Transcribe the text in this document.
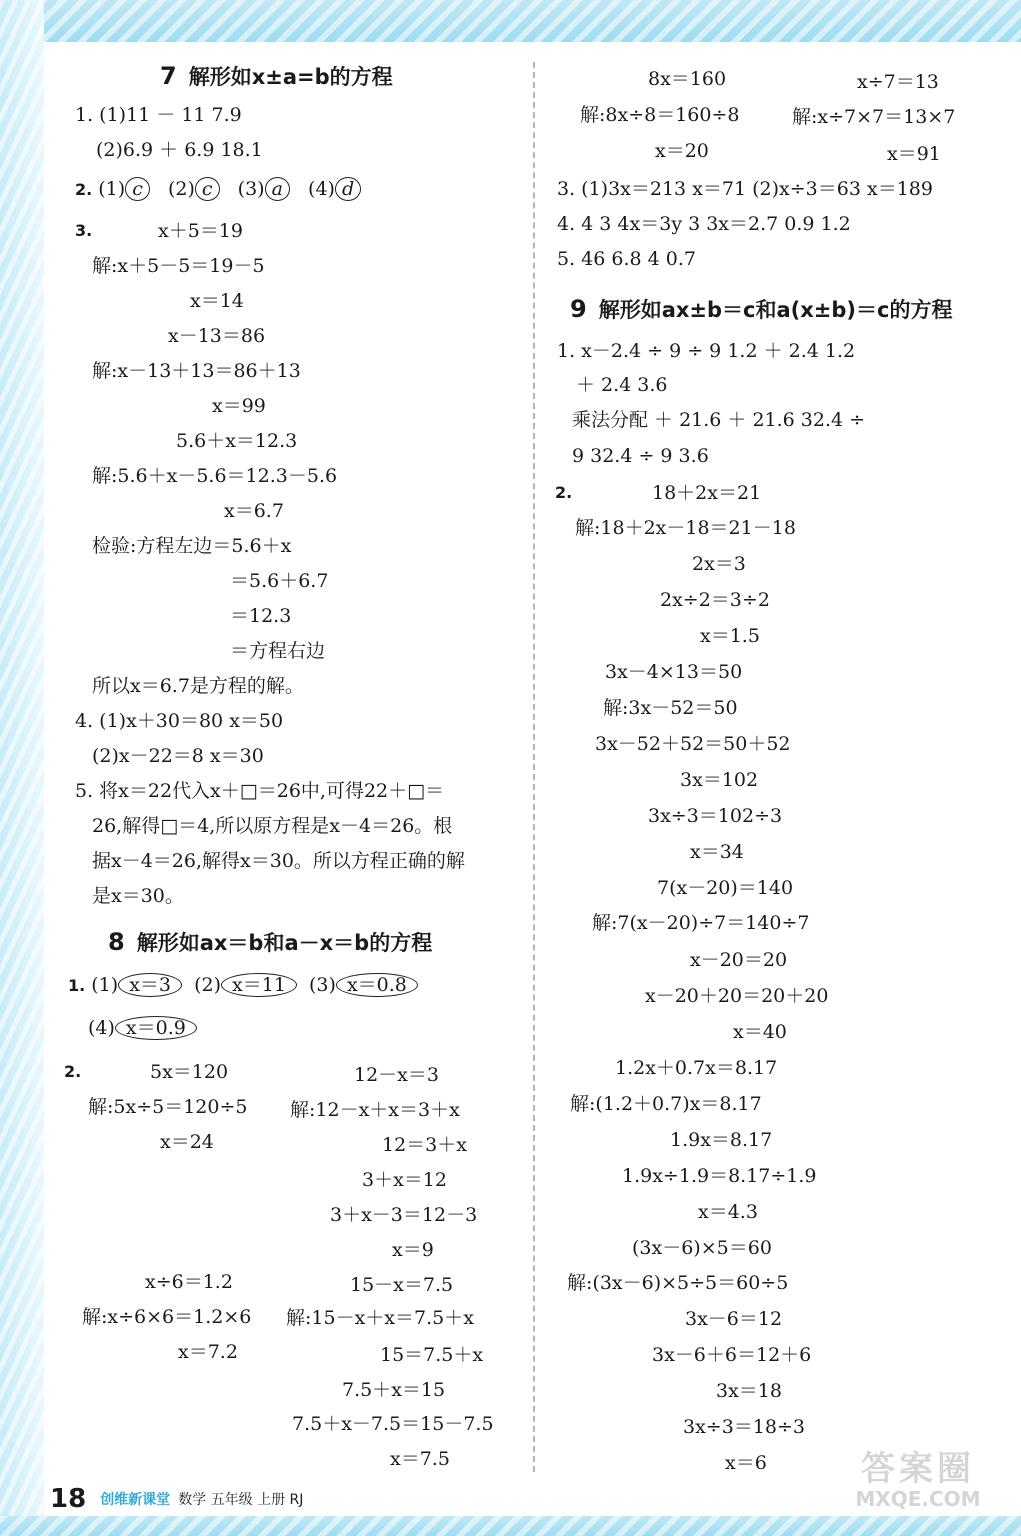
7 解形如x±a=b的方程
1. (1)11 － 11 7.9
(2)6.9 ＋ 6.9 18.1
2. (1) c (2) c (3) a (4) d
3.	x＋5＝19
解:x＋5－5＝19－5
x＝14
x－13＝86
解:x－13＋13＝86＋13
x＝99
5.6＋x＝12.3
解:5.6＋x－5.6＝12.3－5.6
x＝6.7
检验:方程左边＝5.6＋x
＝5.6＋6.7
＝12.3
＝方程右边
所以x＝6.7是方程的解。
4. (1)x＋30＝80 x＝50
(2)x－22＝8 x＝30
5. 将x＝22代入x＋□＝26中,可得22＋□＝
26,解得□＝4,所以原方程是x－4＝26。根
据x－4＝26,解得x＝30。所以方程正确的解
是x＝30。
8 解形如ax＝b和a－x＝b的方程
1. (1) x＝3 (2) x＝11 (3) x＝0.8
(4) x＝0.9
2.	5x＝120
解:5x÷5＝120÷5
x＝24
12－x＝3
解:12－x＋x＝3＋x
12＝3＋x
3＋x＝12
3＋x－3＝12－3
x＝9
x÷6＝1.2
解:x÷6×6＝1.2×6
x＝7.2
15－x＝7.5
解:15－x＋x＝7.5＋x
15＝7.5＋x
7.5＋x＝15
7.5＋x－7.5＝15－7.5
x＝7.5
8x＝160	x÷7＝13
解:8x÷8＝160÷8	解:x÷7×7＝13×7
x＝20	x＝91
3. (1)3x＝213 x＝71 (2)x÷3＝63 x＝189
4. 4 3 4x＝3y 3 3x＝2.7 0.9 1.2
5. 46 6.8 4 0.7
9 解形如ax±b＝c和a(x±b)＝c的方程
1. x－2.4 ÷ 9 ÷ 9 1.2 ＋ 2.4 1.2
＋ 2.4 3.6
乘法分配 ＋ 21.6 ＋ 21.6 32.4 ÷
9 32.4 ÷ 9 3.6
2.	18＋2x＝21
解:18＋2x－18＝21－18
2x＝3
2x÷2＝3÷2
x＝1.5
3x－4×13＝50
解:3x－52＝50
3x－52＋52＝50＋52
3x＝102
3x÷3＝102÷3
x＝34
7(x－20)＝140
解:7(x－20)÷7＝140÷7
x－20＝20
x－20＋20＝20＋20
x＝40
1.2x＋0.7x＝8.17
解:(1.2＋0.7)x＝8.17
1.9x＝8.17
1.9x÷1.9＝8.17÷1.9
x＝4.3
(3x－6)×5＝60
解:(3x－6)×5÷5＝60÷5
3x－6＝12
3x－6＋6＝12＋6
3x＝18
3x÷3＝18÷3
x＝6
18 创维新课堂 数学 五年级 上册 RJ
答案圈
MXQE.COM
